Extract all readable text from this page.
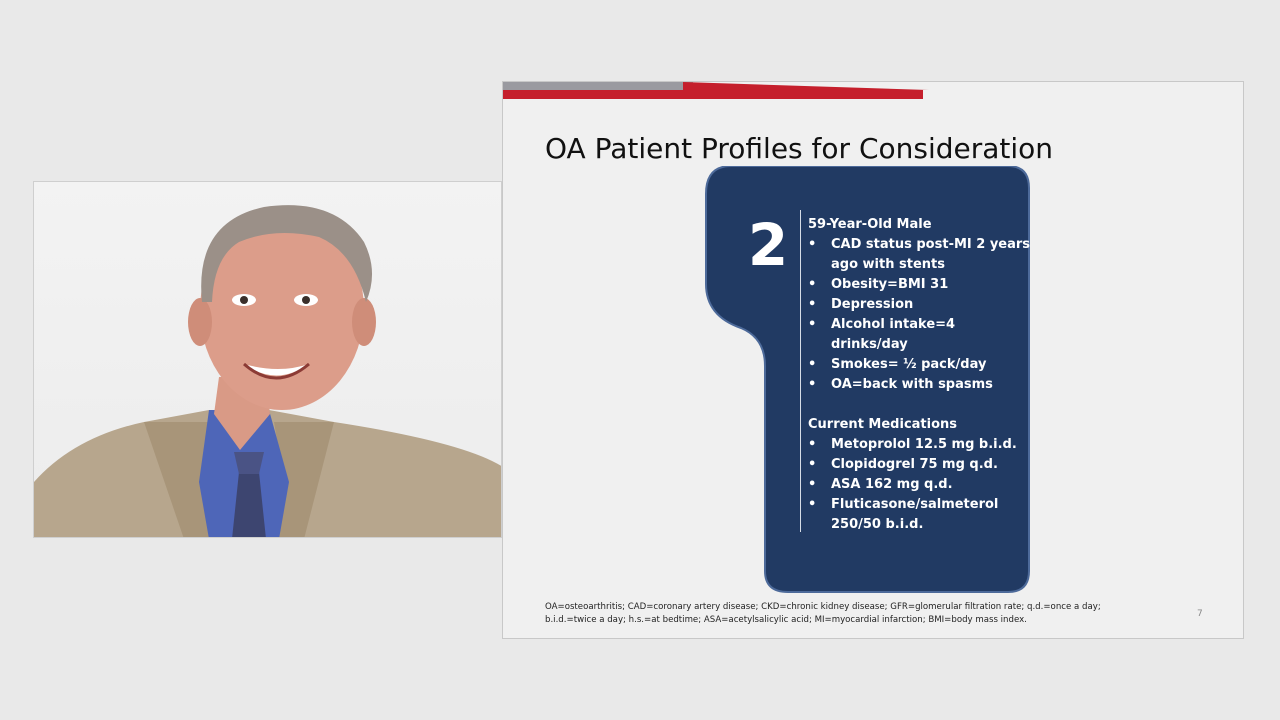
OA Patient Profiles for Consideration
2	59-Year-Old Male
• CAD status post-MI 2 years ago with stents
• Obesity=BMI 31
• Depression
• Alcohol intake=4 drinks/day
• Smokes= ½ pack/day
• OA=back with spasms
Current Medications
• Metoprolol 12.5 mg b.i.d.
• Clopidogrel 75 mg q.d.
• ASA 162 mg q.d.
• Fluticasone/salmeterol 250/50 b.i.d.
OA=osteoarthritis; CAD=coronary artery disease; CKD=chronic kidney disease; GFR=glomerular filtration rate; q.d.=once a day;
b.i.d.=twice a day; h.s.=at bedtime; ASA=acetylsalicylic acid; MI=myocardial infarction; BMI=body mass index.
7
